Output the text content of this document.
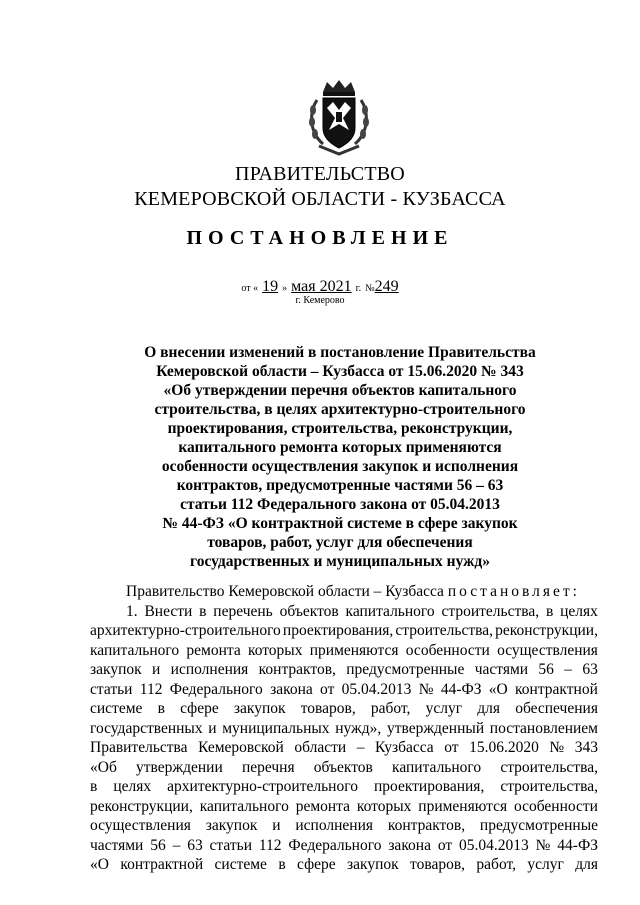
ПРАВИТЕЛЬСТВО
КЕМЕРОВСКОЙ ОБЛАСТИ - КУЗБАССА
ПОСТАНОВЛЕНИЕ
от « 19 » мая 2021 г. №249
г. Кемерово
О внесении изменений в постановление Правительства
Кемеровской области – Кузбасса от 15.06.2020 № 343
«Об утверждении перечня объектов капитального
строительства, в целях архитектурно-строительного
проектирования, строительства, реконструкции,
капитального ремонта которых применяются
особенности осуществления закупок и исполнения
контрактов, предусмотренные частями 56 – 63
статьи 112 Федерального закона от 05.04.2013
№ 44-ФЗ «О контрактной системе в сфере закупок
товаров, работ, услуг для обеспечения
государственных и муниципальных нужд»
Правительство Кемеровской области – Кузбасса
постановляет:
1. Внести в перечень объектов капитального строительства, в целях
архитектурно-строительного проектирования, строительства, реконструкции,
капитального ремонта которых применяются особенности осуществления
закупок и исполнения контрактов, предусмотренные частями 56 – 63
статьи 112 Федерального закона от 05.04.2013 № 44-ФЗ «О контрактной
системе в сфере закупок товаров, работ, услуг для обеспечения
государственных и муниципальных нужд», утвержденный постановлением
Правительства Кемеровской области – Кузбасса от 15.06.2020 № 343
«Об утверждении перечня объектов капитального строительства,
в целях архитектурно-строительного проектирования, строительства,
реконструкции, капитального ремонта которых применяются особенности
осуществления закупок и исполнения контрактов, предусмотренные
частями 56 – 63 статьи 112 Федерального закона от 05.04.2013 № 44-ФЗ
«О контрактной системе в сфере закупок товаров, работ, услуг для
